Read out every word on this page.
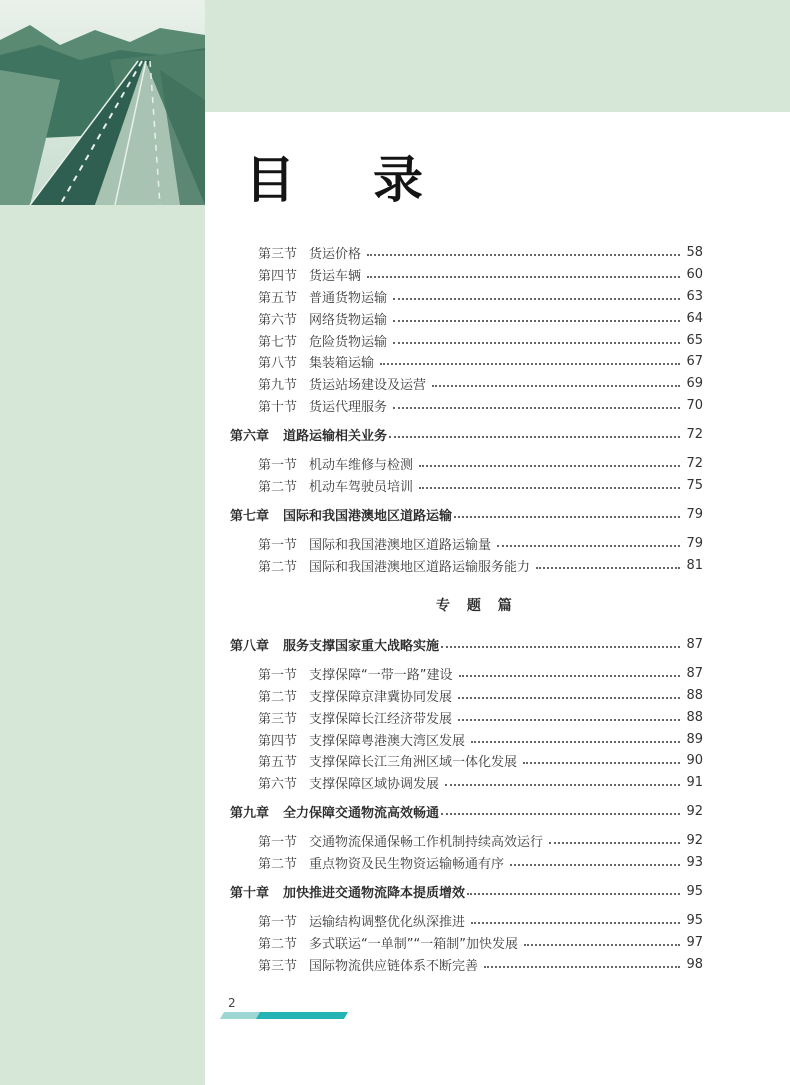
目 录
第三节 货运价格	58
第四节 货运车辆	60
第五节 普通货物运输	63
第六节 网络货物运输	64
第七节 危险货物运输	65
第八节 集装箱运输	67
第九节 货运站场建设及运营	69
第十节 货运代理服务	70
第六章 道路运输相关业务	72
第一节 机动车维修与检测	72
第二节 机动车驾驶员培训	75
第七章 国际和我国港澳地区道路运输	79
第一节 国际和我国港澳地区道路运输量	79
第二节 国际和我国港澳地区道路运输服务能力	81
专 题 篇
第八章 服务支撑国家重大战略实施	87
第一节 支撑保障“一带一路”建设	87
第二节 支撑保障京津冀协同发展	88
第三节 支撑保障长江经济带发展	88
第四节 支撑保障粤港澳大湾区发展	89
第五节 支撑保障长江三角洲区域一体化发展	90
第六节 支撑保障区域协调发展	91
第九章 全力保障交通物流高效畅通	92
第一节 交通物流保通保畅工作机制持续高效运行	92
第二节 重点物资及民生物资运输畅通有序	93
第十章 加快推进交通物流降本提质增效	95
第一节 运输结构调整优化纵深推进	95
第二节 多式联运“一单制”“一箱制”加快发展	97
第三节 国际物流供应链体系不断完善	98
2
